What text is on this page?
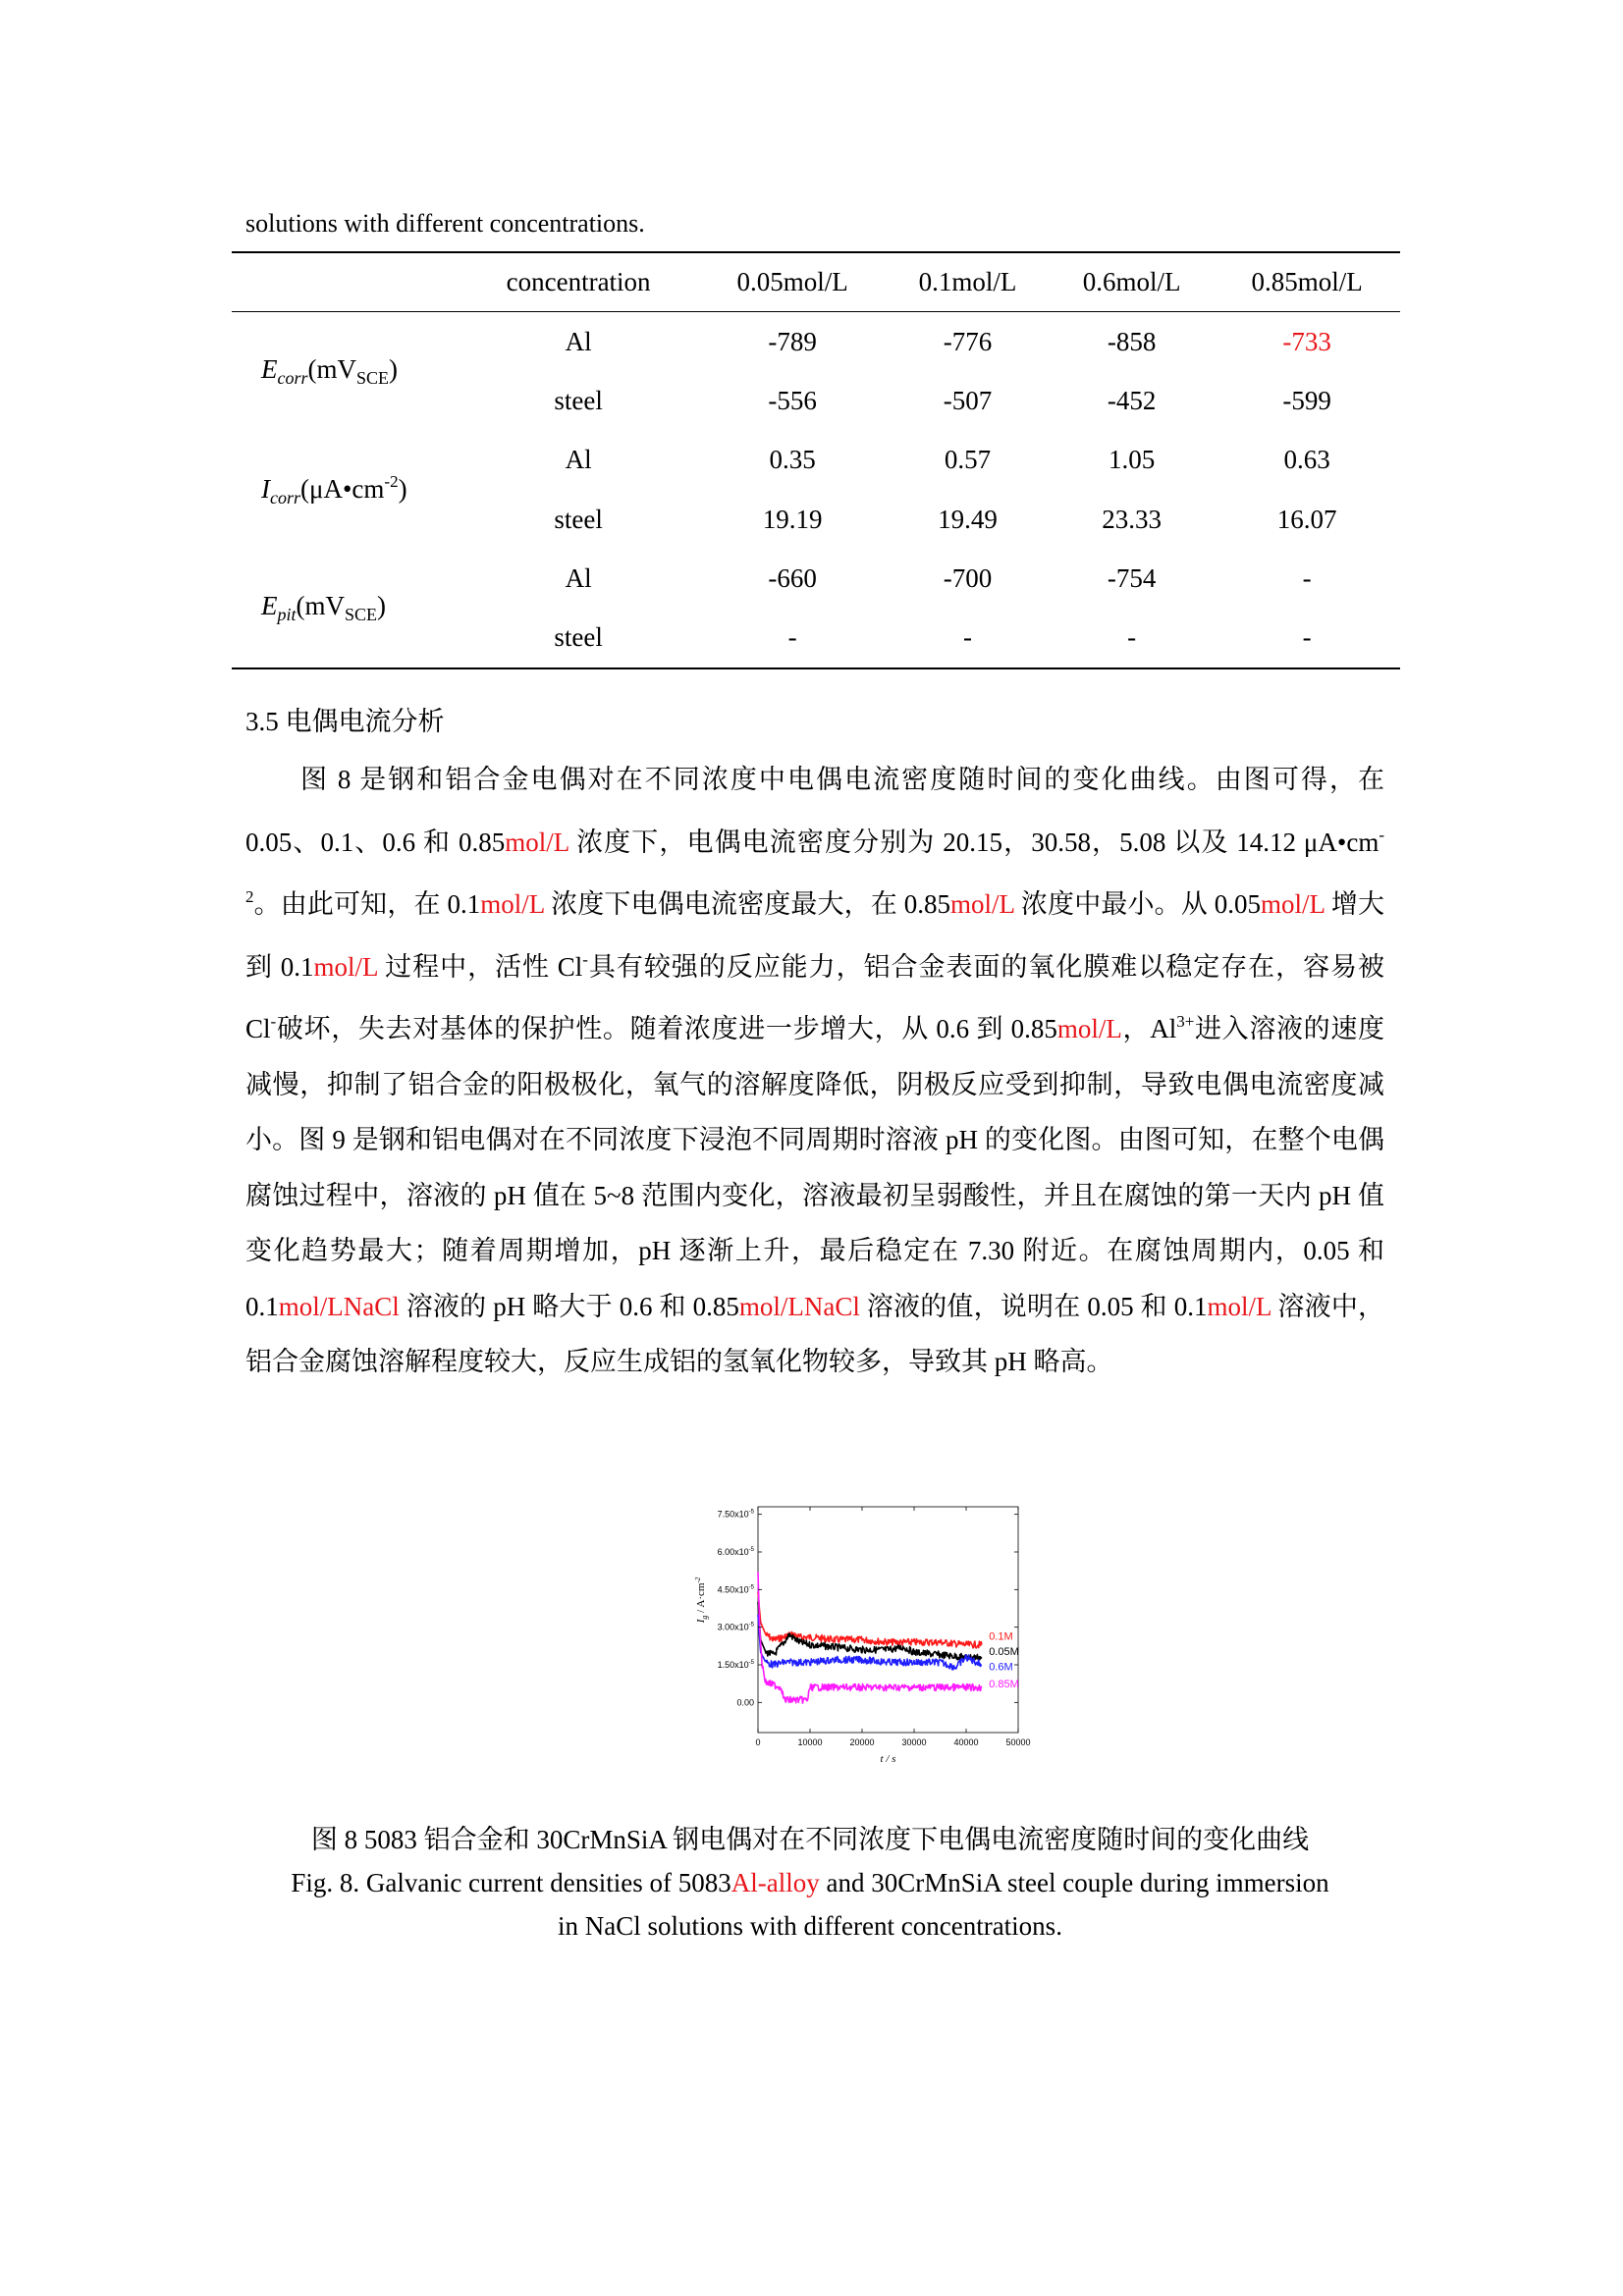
solutions with different concentrations.
		concentration	0.05mol/L	0.1mol/L	0.6mol/L	0.85mol/L
$E_{corr}(mV_{SCE})$		Al	-789	-776	-858	-733
		steel	-556	-507	-452	-599
$I_{corr}(\mu A•cm^{-2})$		Al	0.35	0.57	1.05	0.63
		steel	19.19	19.49	23.33	16.07
$E_{pit}(mV_{SCE})$		Al	-660	-700	-754	-
		steel	-	-	-	-
3.5 电偶电流分析

图 8 是钢和铝合金电偶对在不同浓度中电偶电流密度随时间的变化曲线。由图可得，在 0.05、0.1、0.6 和 0.85mol/L 浓度下，电偶电流密度分别为 20.15，30.58，5.08 以及 14.12 $\mu A•cm^{-2}$。由此可知，在 0.1mol/L 浓度下电偶电流密度最大，在 0.85mol/L 浓度中最小。从 0.05mol/L 增大到 0.1mol/L 过程中，活性 Cl-具有较强的反应能力，铝合金表面的氧化膜难以稳定存在，容易被 Cl-破坏，失去对基体的保护性。随着浓度进一步增大，从 0.6 到 0.85mol/L，$Al^{3+}$进入溶液的速度减慢，抑制了铝合金的阳极极化，氧气的溶解度降低，阴极反应受到抑制，导致电偶电流密度减小。图 9 是钢和铝电偶对在不同浓度下浸泡不同周期时溶液 pH 的变化图。由图可知，在整个电偶腐蚀过程中，溶液的 pH 值在 5~8 范围内变化，溶液最初呈弱酸性，并且在腐蚀的第一天内 pH 值变化趋势最大；随着周期增加，pH 逐渐上升，最后稳定在 7.30 附近。在腐蚀周期内，0.05 和 0.1mol/LNaCl 溶液的 pH 略大于 0.6 和 0.85mol/LNaCl 溶液的值，说明在 0.05 和 0.1mol/L 溶液中，铝合金腐蚀溶解程度较大，反应生成铝的氢氧化物较多，导致其 pH 略高。

0	10000	20000	30000	40000	50000
0.00
$1.50x10^{-5}$
$3.00x10^{-5}$
$4.50x10^{-5}$
$6.00x10^{-5}$
$7.50x10^{-5}$
t / s
$I_g / A\cdot cm^{-2}$
0.1M
0.05M
0.6M
0.85M
图 8 5083 铝合金和 30CrMnSiA 钢电偶对在不同浓度下电偶电流密度随时间的变化曲线
Fig. 8. Galvanic current densities of 5083Al-alloy and 30CrMnSiA steel couple during immersion
in NaCl solutions with different concentrations.
